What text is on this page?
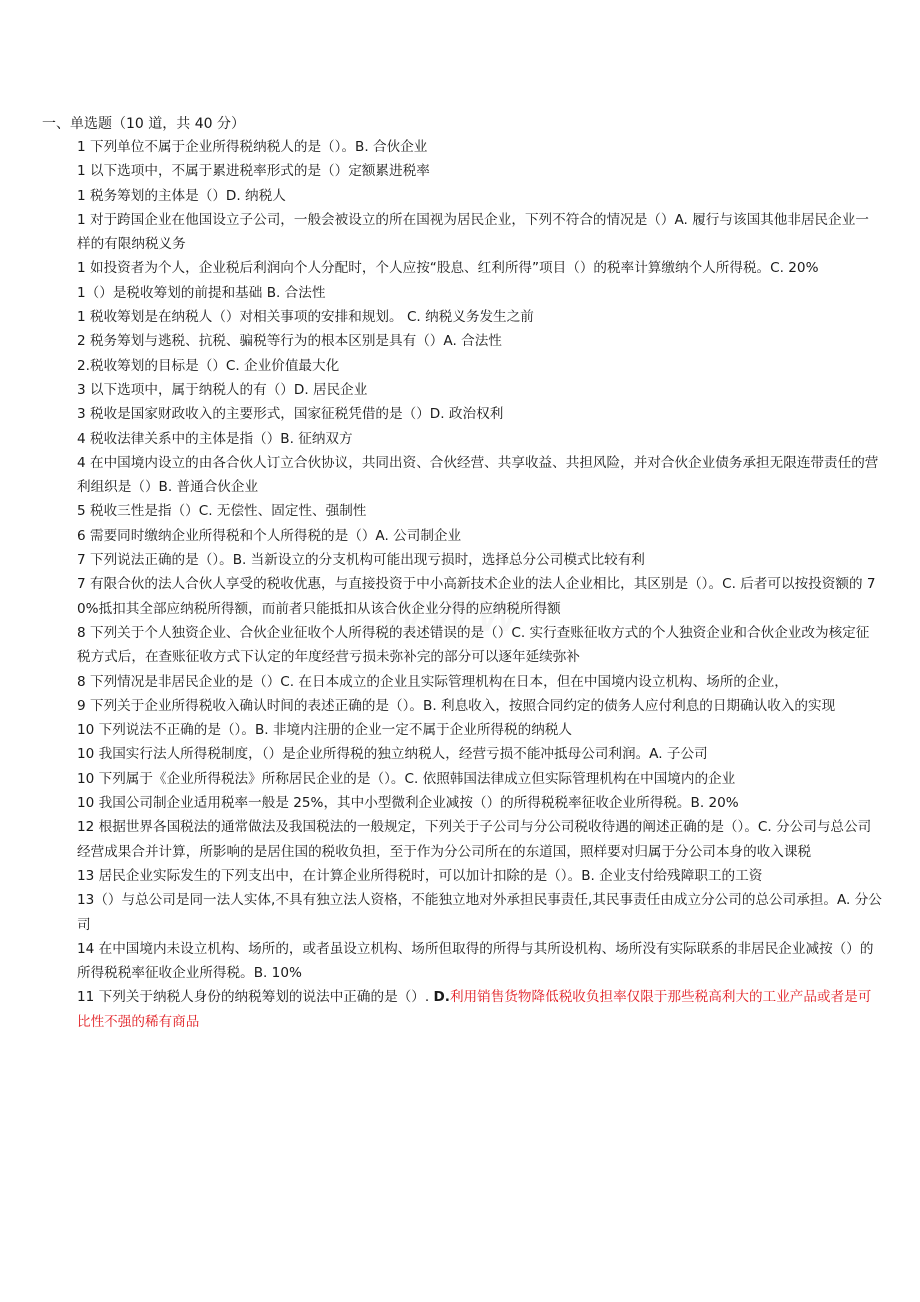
一、单选题（10 道，共 40 分）
1 下列单位不属于企业所得税纳税人的是（）。B. 合伙企业
1 以下选项中，不属于累进税率形式的是（）定额累进税率
1 税务筹划的主体是（）D. 纳税人
1 对于跨国企业在他国设立子公司，一般会被设立的所在国视为居民企业，下列不符合的情况是（）A. 履行与该国其他非居民企业一样的有限纳税义务
1 如投资者为个人，企业税后利润向个人分配时，个人应按“股息、红利所得”项目（）的税率计算缴纳个人所得税。C. 20%
1（）是税收筹划的前提和基础 B. 合法性
1 税收筹划是在纳税人（）对相关事项的安排和规划。 C. 纳税义务发生之前
2 税务筹划与逃税、抗税、骗税等行为的根本区别是具有（）A. 合法性
2.税收筹划的目标是（）C. 企业价值最大化
3 以下选项中，属于纳税人的有（）D. 居民企业
3 税收是国家财政收入的主要形式，国家征税凭借的是（）D. 政治权利
4 税收法律关系中的主体是指（）B. 征纳双方
4 在中国境内设立的由各合伙人订立合伙协议，共同出资、合伙经营、共享收益、共担风险，并对合伙企业债务承担无限连带责任的营利组织是（）B. 普通合伙企业
5 税收三性是指（）C. 无偿性、固定性、强制性
6 需要同时缴纳企业所得税和个人所得税的是（）A. 公司制企业
7 下列说法正确的是（）。B. 当新设立的分支机构可能出现亏损时，选择总分公司模式比较有利
7 有限合伙的法人合伙人享受的税收优惠，与直接投资于中小高新技术企业的法人企业相比，其区别是（）。C. 后者可以按投资额的 70%抵扣其全部应纳税所得额，而前者只能抵扣从该合伙企业分得的应纳税所得额
8 下列关于个人独资企业、合伙企业征收个人所得税的表述错误的是（）C. 实行查账征收方式的个人独资企业和合伙企业改为核定征税方式后，在查账征收方式下认定的年度经营亏损未弥补完的部分可以逐年延续弥补
8 下列情况是非居民企业的是（）C. 在日本成立的企业且实际管理机构在日本，但在中国境内设立机构、场所的企业，
9 下列关于企业所得税收入确认时间的表述正确的是（）。B. 利息收入，按照合同约定的债务人应付利息的日期确认收入的实现
10 下列说法不正确的是（）。B. 非境内注册的企业一定不属于企业所得税的纳税人
10 我国实行法人所得税制度，（）是企业所得税的独立纳税人，经营亏损不能冲抵母公司利润。A. 子公司
10 下列属于《企业所得税法》所称居民企业的是（）。C. 依照韩国法律成立但实际管理机构在中国境内的企业
10 我国公司制企业适用税率一般是 25%，其中小型微利企业减按（）的所得税税率征收企业所得税。B. 20%
12 根据世界各国税法的通常做法及我国税法的一般规定，下列关于子公司与分公司税收待遇的阐述正确的是（）。C. 分公司与总公司经营成果合并计算，所影响的是居住国的税收负担，至于作为分公司所在的东道国，照样要对归属于分公司本身的收入课税
13 居民企业实际发生的下列支出中，在计算企业所得税时，可以加计扣除的是（）。B. 企业支付给残障职工的工资
13（）与总公司是同一法人实体,不具有独立法人资格，不能独立地对外承担民事责任,其民事责任由成立分公司的总公司承担。A. 分公司
14 在中国境内未设立机构、场所的，或者虽设立机构、场所但取得的所得与其所设机构、场所没有实际联系的非居民企业减按（）的所得税税率征收企业所得税。B. 10%
11 下列关于纳税人身份的纳税筹划的说法中正确的是（）. D.利用销售货物降低税收负担率仅限于那些税高利大的工业产品或者是可比性不强的稀有商品
